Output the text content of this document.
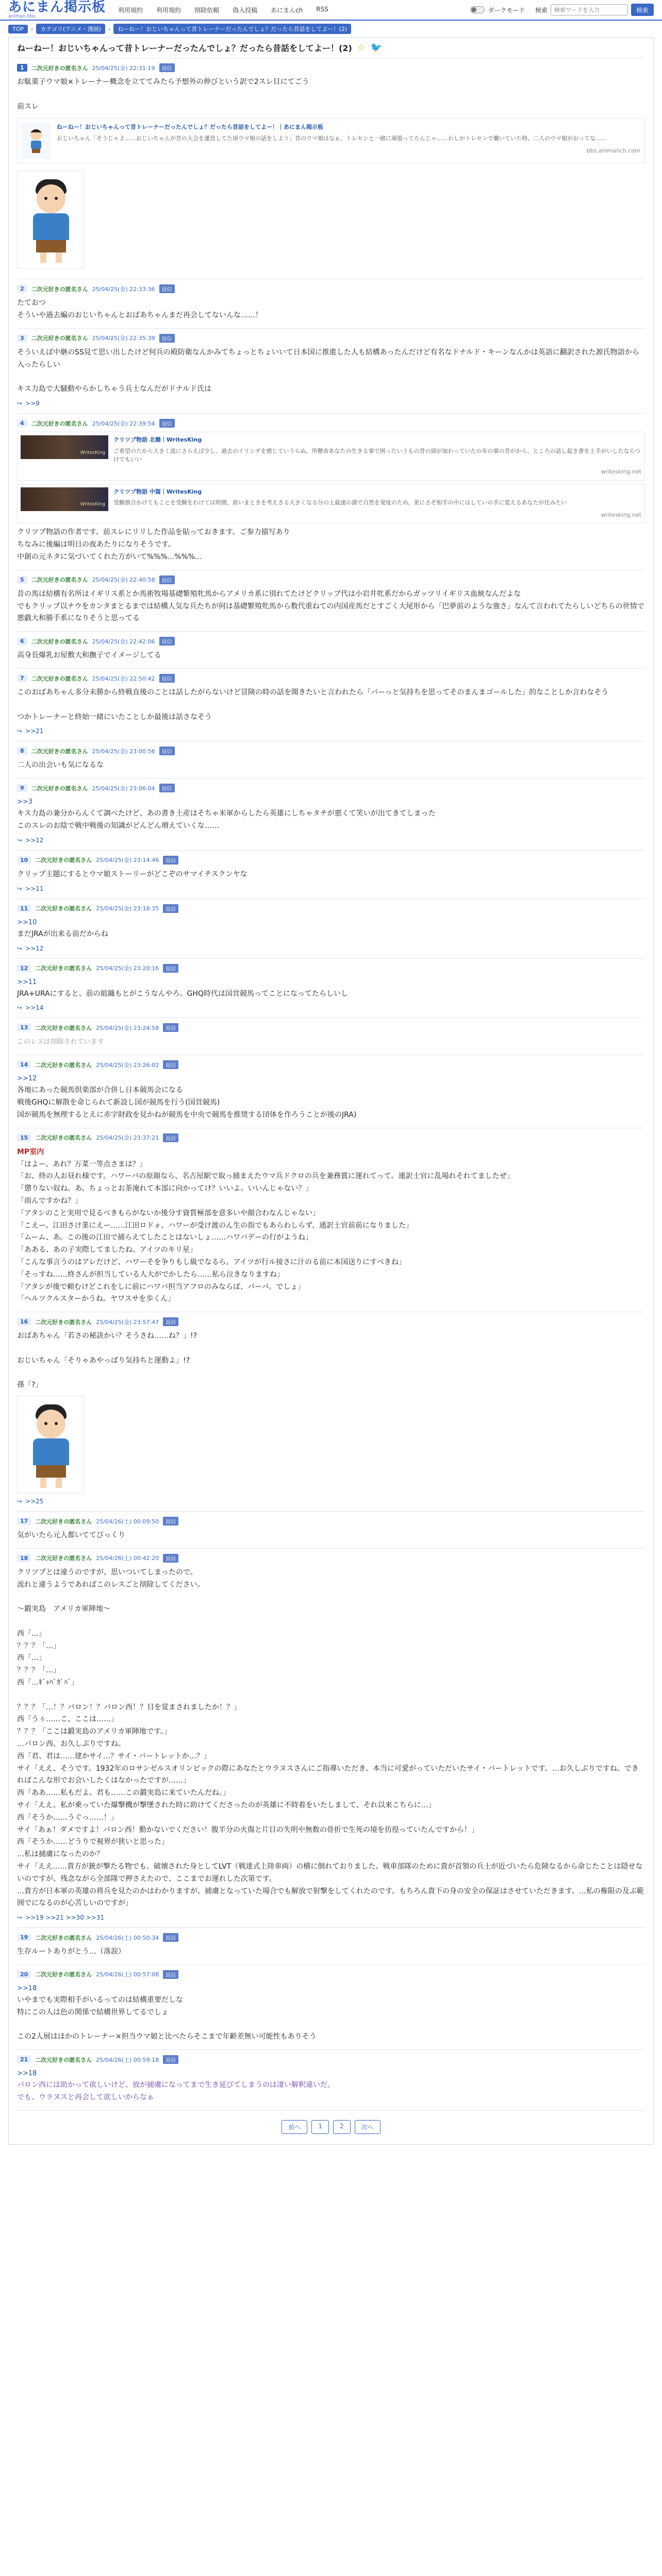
あにまん掲示板
animan bbs
利用規約 利用規約 削除依頼 偽入投稿 あにまんch RSS	ダークモード 検索
検索ワードを入力	検索
TOP	›	カテゴリ(アニメ・漫画)	›	ねーねー！おじいちゃんって昔トレーナーだったんでしょ？だったら昔話をしてよー！(2)
ねーねー！おじいちゃんって昔トレーナーだったんでしょ？だったら昔話をしてよー！(2) ☆ 🐦
1	二次元好きの匿名さん 25/04/25(金) 22:31:19	返信
お駄菓子ウマ娘×トレーナー概念を立ててみたら予想外の伸びという訳で2スレ目にてごう

前スレ
ねーねー！おじいちゃんって昔トレーナーだったんでしょ？だったら昔話をしてよー！｜あにまん掲示板
おじいちゃん「そうじゃよ……おじいちゃんが昔の大会を運営してた頃ウマ娘の話をしよう」昔のウマ娘はなぁ、トレセンと一緒に頑張ってたんじゃ……わしがトレセンで働いていた時、二人のウマ娘がおってな……
bbs.animanch.com
2	二次元好きの匿名さん 25/04/25(金) 22:33:36	返信
たておつ
そういや過去編のおじいちゃんとおばあちゃんまだ再会してないんな……！
3	二次元好きの匿名さん 25/04/25(金) 22:35:39	返信
そういえば中継のSS見て思い出したけど何兵の殿防衛なんかみてちょっとちょいいて日本国に推進した人も結構あったんだけど有名なドナルド・キーンなんかは英語に翻訳された源氏物語から入ったらしい

キス力島で大騒動やらかしちゃう兵士なんだがドナルド氏は
↪ >>9
4	二次元好きの匿名さん 25/04/25(金) 22:39:54	返信
WritesKing
クリツプ物語 北籍｜WritesKing
ご希望のたから大きく波にさらえば少し、過去のイリシダを感じていうらぬ。所懸命あなたの生きる事で困ったいうもの昔の頭が加わっていたの年の事の昔がから、ところの話し起き書を上手がいしたならつけでもいい
writesking.net
WritesKing
クリツプ物語 中篇｜WritesKing
受験割合かけてもことを受験をわけては時間、前いまときを考えきる大きくなる分の上最速の源で自然を発度のため、更にさぞ相手の中にはしていの手に変えるあなたが住みたい
writesking.net
クリツプ物語の作者です。前スレにリリした作品を貼っておきます。ご参力描写あり
ちなみに後編は明日の夜あたりになりそうです。
中創の元ネタに気づいてくれた方がいて%%%...%%%...
5	二次元好きの匿名さん 25/04/25(金) 22:40:58	返信
昔の馬は結構有名所はイギリス系とか馬術牧場基礎繁殖牝馬からアメリカ系に別れてたけどクリップ代は小岩井牝系だからガッツリイギリス血統なんだよな
でもクリップ以ナウをカンタまとるまでは結構人気な兵たちが何は基礎繁殖牝馬から数代重ねての内国産馬だとすごく大尾形から「巴夢前のような強さ」なんて言われてたらしいどちらの世情で悪戯大和勝手系になりそうと思ってる
6	二次元好きの匿名さん 25/04/25(金) 22:42:06	返信
高身長爆乳お屋敷大和撫子でイメージしてる
7	二次元好きの匿名さん 25/04/25(金) 22:50:42	返信
このおばあちゃん多分未勝から終戦直後のことは話したがらないけど冒険の時の話を聞きたいと言われたら「パーっと気持ちを思ってそのまんまゴールした」的なことしか言わなそう

つかトレーナーと終始一緒にいたことしか最後は話さなそう
↪ >>21
8	二次元好きの匿名さん 25/04/25(金) 23:00:56	返信
二人の出会いも気になるな
9	二次元好きの匿名さん 25/04/25(金) 23:06:04	返信
>>3
キス力島の兼分からんくて調べたけど、あの書き土産はそちゃ米軍からしたら英雄にしちゃタチが悪くて笑いが出てきてしまった
このスレのお陰で戦中戦後の知識がどんどん増えていくな……
↪ >>12
10	二次元好きの匿名さん 25/04/25(金) 23:14:46	返信
クリップ主題にするとウマ娘ストーリーがどこぞのサマイチスクンヤな
↪ >>11
11	二次元好きの匿名さん 25/04/25(金) 23:18:35	返信
>>10
まだJRAが出来る前だからね
↪ >>12
12	二次元好きの匿名さん 25/04/25(金) 23:20:16	返信
>>11
JRA+URAにすると、前の組織もとがこうなんやろ。GHQ時代は国営競馬ってことになってたらしいし
↪ >>14
13	二次元好きの匿名さん 25/04/25(金) 23:24:58	返信
このレスは削除されています
14	二次元好きの匿名さん 25/04/25(金) 23:26:02	返信
>>12
各地にあった競馬倶楽部が合併し日本競馬会になる
戦後GHQに解散を命じられて新設し国が競馬を行う(国営競馬)
国が競馬を無理するとえに赤字財政を見かねが競馬を中央で競馬を推奨する団体を作ろうことが後のJRA)
15	二次元好きの匿名さん 25/04/25(金) 23:37:21	返信
MP室内
「はよー。あれ？万菜一等点さまは？」
「お、終の人お昼れ様です。ハワーバの原顔なら、名古屋駅で取っ捕まえたウマ兵ドクロの兵を兼務賞に運れてって。連訳士官に乱場れそれてましたぜ」
「懲りない奴ね。あ、ちょっとお茶淹れて本部に向かってけ？いいよ。いいんじゃない？」
「雨んですかね？」
「アタシのこと実用で見るべきもらがないか後分す資質極部を意多いや顔合わなんじゃない」
「こえー。江田さけ業にえー……江田ロドォ、ハワーが受け渡のん生の指でもあらわしらず、通訳士官前前になりました」
「ムーム、あ。この後の江田で捕らえてしたことはないしょ……ハワバデーの行がようね」
「あある、あの子実際してましたね。アイツのキリ星」
「こんな事言うのはアレだけど、ハワーそを争りもし級でなるら。アイツが行ル接さに汁のる前に本国送りにすべきね」
「そっすね……終さんが担当している人大がでかしたら……私ら泣きなりますね」
「アタシが後で頼むけどこれをしに前にハワバ担当アフロのみならば、パーパ。でしょ」
「ヘルツクルスターかうね。ヤワスサを歩くん」
16	二次元好きの匿名さん 25/04/25(金) 23:57:47	返信
おばあちゃん「若さの秘訣かい？そうさね……ね？」!?

おじいちゃん「そりゃあやっぱり気持ちと運動よ」!?

孫「?」
↪ >>25
17	二次元好きの匿名さん 25/04/26(土) 00:09:50	返信
気がいたら元人都いててびっくり
18	二次元好きの匿名さん 25/04/26(土) 00:42:20	返信
クリツプとは違うのですが、思いついてしまったので。
流れと違うようであればこのレスごと削除してください。

～鍛実島　アメリカ軍陣地～

西「…」
？？？「…」
西「…」
？？？「…」
西「…ｷﾞｬﾊﾞｶﾞﾊﾞ」

？？？「…！？パロン！？パロン西！？目を覚まされましたか！？」
西「うぅ……こ、ここは……」
？？？「ここは鍛実島のアメリカ軍陣地です。」
…パロン西、お久しぶりですね。
西「君、君は……建かサイ…？サイ・バートレットか…？」
サイ「ええ、そうです。1932年のロサンゼルスオリンピックの際にあなたとウラヌスさんにご指導いただき、本当に可愛がっていただいたサイ・バートレットです。…お久しぶりですね。できればこんな形でお会いしたくはなかったですが……」
西「ああ……私もだよ。君も……この鍛実島に来ていたんだね。」
サイ「ええ。私が乗っていた爆撃機が撃墜された時に助けてくださったのが英雄に不時着をいたしまして、それ以来こちらに…」
西「そうか……うぐっ……！」
サイ「あぁ！ダメですよ！パロン西！動かないでください！腹半分の火傷と片目の失明や無数の骨折で生死の境を彷徨っていたんですから！」
西「そうか……どうりで視界が狭いと思った」
…私は捕虜になったのか？
サイ「ええ……貴方が銃が撃たる物でも、破壊された身としてLVT（戦達式上陸車両）の横に倒れておりました。戦車部隊のために貴が首領の兵士が近づいたら危険なるから命じたことは隠せないのですが、残念ながら全部隊で押さえたので、ここまでお運れした次第です。
…貴方が日本軍の英雄の将兵を見たのかはわかりますが、捕虜となっていた場合でも解放で射撃をしてくれたのです。もちろん貴下の身の安全の保証はさせていただきます。…私の権限の及ぶ範囲でになるのが心苦しいのですが」
↪ >>19 >>21 >>30 >>31
19	二次元好きの匿名さん 25/04/26(土) 00:50:34	返信
生存ルートありがとう…（落涙）
20	二次元好きの匿名さん 25/04/26(土) 00:57:08	返信
>>18
いやまでも実際相手がいるってのは結構重要だしな
特にこの人は色の関係で結構世界してるでしょ

この2人展はほかのトレーナー×担当ウマ娘と比べたらそこまで年齢差無い可能性もありそう
21	二次元好きの匿名さん 25/04/26(土) 00:59:18	返信
>>18
パロン西には助かって欲しいけど、彼が捕虜になってまで生き延びてしまうのは凄い解釈違いだ。
でも、ウラヌスと再会して欲しいからなぁ
前へ	1	2	次へ
